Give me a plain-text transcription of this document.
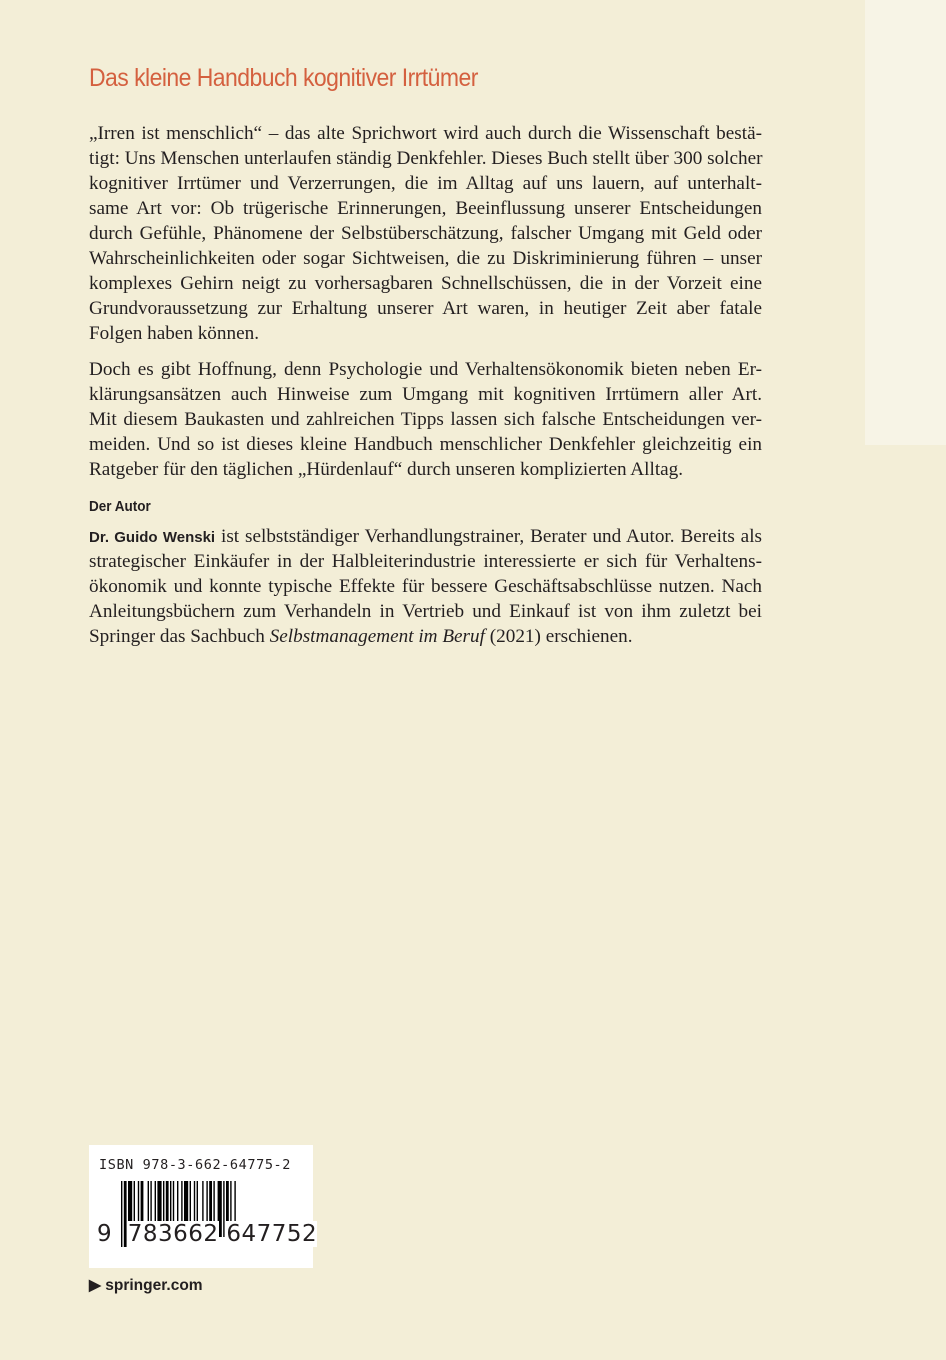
Das kleine Handbuch kognitiver Irrtümer
„Irren ist menschlich“ – das alte Sprichwort wird auch durch die Wissenschaft bestä-
tigt: Uns Menschen unterlaufen ständig Denkfehler. Dieses Buch stellt über 300 solcher
kognitiver Irrtümer und Verzerrungen, die im Alltag auf uns lauern, auf unterhalt-
same Art vor: Ob trügerische Erinnerungen, Beeinflussung unserer Entscheidungen
durch Gefühle, Phänomene der Selbstüberschätzung, falscher Umgang mit Geld oder
Wahrscheinlichkeiten oder sogar Sichtweisen, die zu Diskriminierung führen – unser
komplexes Gehirn neigt zu vorhersagbaren Schnellschüssen, die in der Vorzeit eine
Grundvoraussetzung zur Erhaltung unserer Art waren, in heutiger Zeit aber fatale
Folgen haben können.
Doch es gibt Hoffnung, denn Psychologie und Verhaltensökonomik bieten neben Er-
klärungsansätzen auch Hinweise zum Umgang mit kognitiven Irrtümern aller Art.
Mit diesem Baukasten und zahlreichen Tipps lassen sich falsche Entscheidungen ver-
meiden. Und so ist dieses kleine Handbuch menschlicher Denkfehler gleichzeitig ein
Ratgeber für den täglichen „Hürdenlauf“ durch unseren komplizierten Alltag.
Der Autor
Dr. Guido Wenski ist selbstständiger Verhandlungstrainer, Berater und Autor. Bereits als
strategischer Einkäufer in der Halbleiterindustrie interessierte er sich für Verhaltens-
ökonomik und konnte typische Effekte für bessere Geschäftsabschlüsse nutzen. Nach
Anleitungsbüchern zum Verhandeln in Vertrieb und Einkauf ist von ihm zuletzt bei
Springer das Sachbuch Selbstmanagement im Beruf (2021) erschienen.
ISBN 978-3-662-64775-2
9 783662 647752
▶ springer.com
